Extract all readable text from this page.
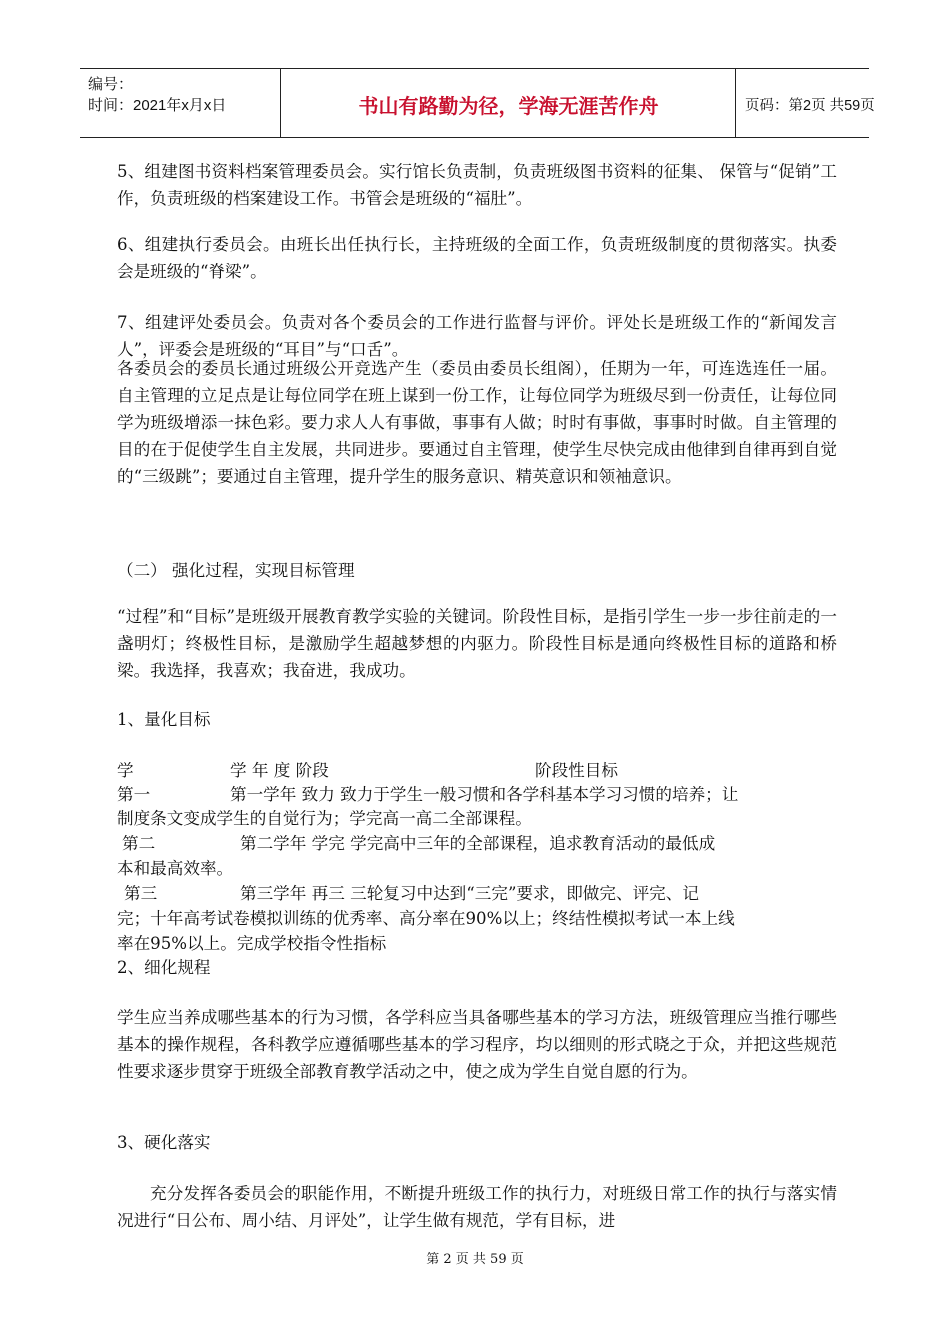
编号：
时间：2021年x月x日	书山有路勤为径，学海无涯苦作舟	页码：第2页 共59页

5、组建图书资料档案管理委员会。实行馆长负责制，负责班级图书资料的征集、 保管与“促销”工作，负责班级的档案建设工作。书管会是班级的“福肚”。

6、组建执行委员会。由班长出任执行长，主持班级的全面工作，负责班级制度的贯彻落实。执委会是班级的“脊梁”。

7、组建评处委员会。负责对各个委员会的工作进行监督与评价。评处长是班级工作的“新闻发言人”，评委会是班级的“耳目”与“口舌”。

各委员会的委员长通过班级公开竞选产生（委员由委员长组阁），任期为一年，可连选连任一届。自主管理的立足点是让每位同学在班上谋到一份工作，让每位同学为班级尽到一份责任，让每位同学为班级增添一抹色彩。要力求人人有事做，事事有人做；时时有事做，事事时时做。自主管理的目的在于促使学生自主发展，共同进步。要通过自主管理，使学生尽快完成由他律到自律再到自觉的“三级跳”；要通过自主管理，提升学生的服务意识、精英意识和领袖意识。

（二） 强化过程，实现目标管理

“过程”和“目标”是班级开展教育教学实验的关键词。阶段性目标，是指引学生一步一步往前走的一盏明灯；终极性目标，是激励学生超越梦想的内驱力。阶段性目标是通向终极性目标的道路和桥梁。我选择，我喜欢；我奋进，我成功。

1、量化目标
学	学 年 度 阶段	阶段性目标
第一	第一学年 致力 致力于学生一般习惯和各学科基本学习习惯的培养；让
制度条文变成学生的自觉行为；学完高一高二全部课程。
第二	第二学年 学完 学完高中三年的全部课程，追求教育活动的最低成
本和最高效率。
第三	第三学年 再三 三轮复习中达到“三完”要求，即做完、评完、记
完；十年高考试卷模拟训练的优秀率、高分率在90%以上；终结性模拟考试一本上线
率在95%以上。完成学校指令性指标
2、细化规程

学生应当养成哪些基本的行为习惯，各学科应当具备哪些基本的学习方法，班级管理应当推行哪些基本的操作规程，各科教学应遵循哪些基本的学习程序，均以细则的形式晓之于众，并把这些规范性要求逐步贯穿于班级全部教育教学活动之中，使之成为学生自觉自愿的行为。

3、硬化落实

充分发挥各委员会的职能作用，不断提升班级工作的执行力，对班级日常工作的执行与落实情况进行“日公布、周小结、月评处”，让学生做有规范，学有目标，进

第 2 页 共 59 页
